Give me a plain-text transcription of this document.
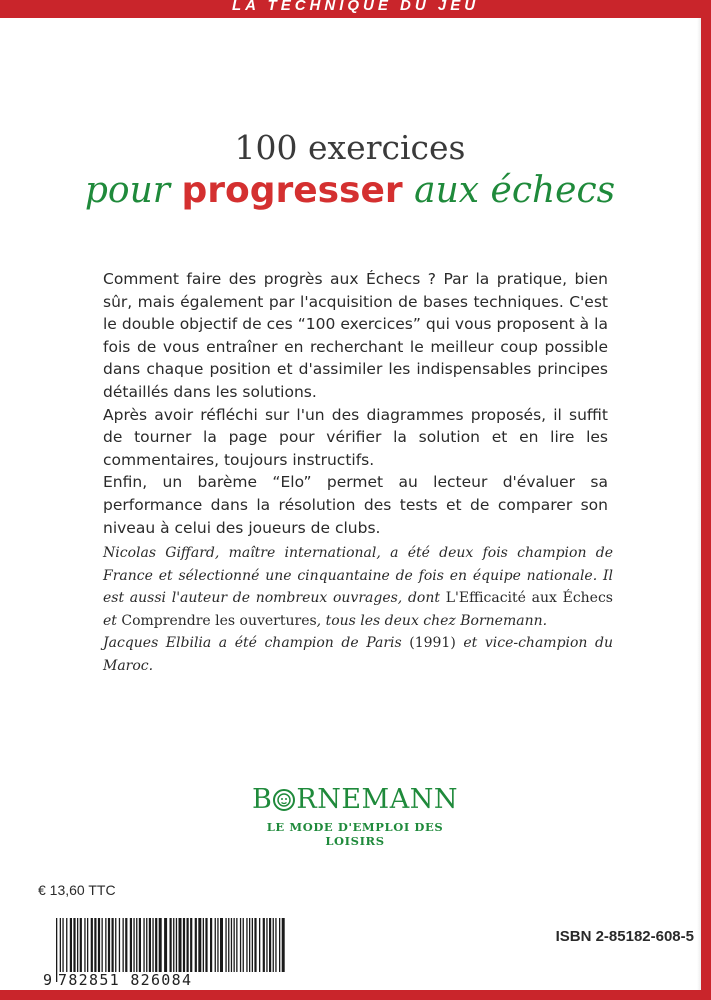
LA TECHNIQUE DU JEU
100 exercices
pour progresser aux échecs

Comment faire des progrès aux Échecs ? Par la pratique, bien sûr, mais également par l'acquisition de bases techniques. C'est le double objectif de ces “100 exercices” qui vous proposent à la fois de vous entraîner en recherchant le meilleur coup possible dans chaque position et d'assimiler les indispensables principes détaillés dans les solutions.

Après avoir réfléchi sur l'un des diagrammes proposés, il suffit de tourner la page pour vérifier la solution et en lire les commentaires, toujours instructifs.

Enfin, un barème “Elo” permet au lecteur d'évaluer sa performance dans la résolution des tests et de comparer son niveau à celui des joueurs de clubs.

Nicolas Giffard, maître international, a été deux fois champion de France et sélectionné une cinquantaine de fois en équipe nationale. Il est aussi l'auteur de nombreux ouvrages, dont L'Efficacité aux Échecs et Comprendre les ouvertures, tous les deux chez Bornemann.

Jacques Elbilia a été champion de Paris (1991) et vice-champion du Maroc.

B RNEMANN
LE MODE D'EMPLOI DES LOISIRS
€ 13,60 TTC
9 782851 826084
ISBN 2-85182-608-5
